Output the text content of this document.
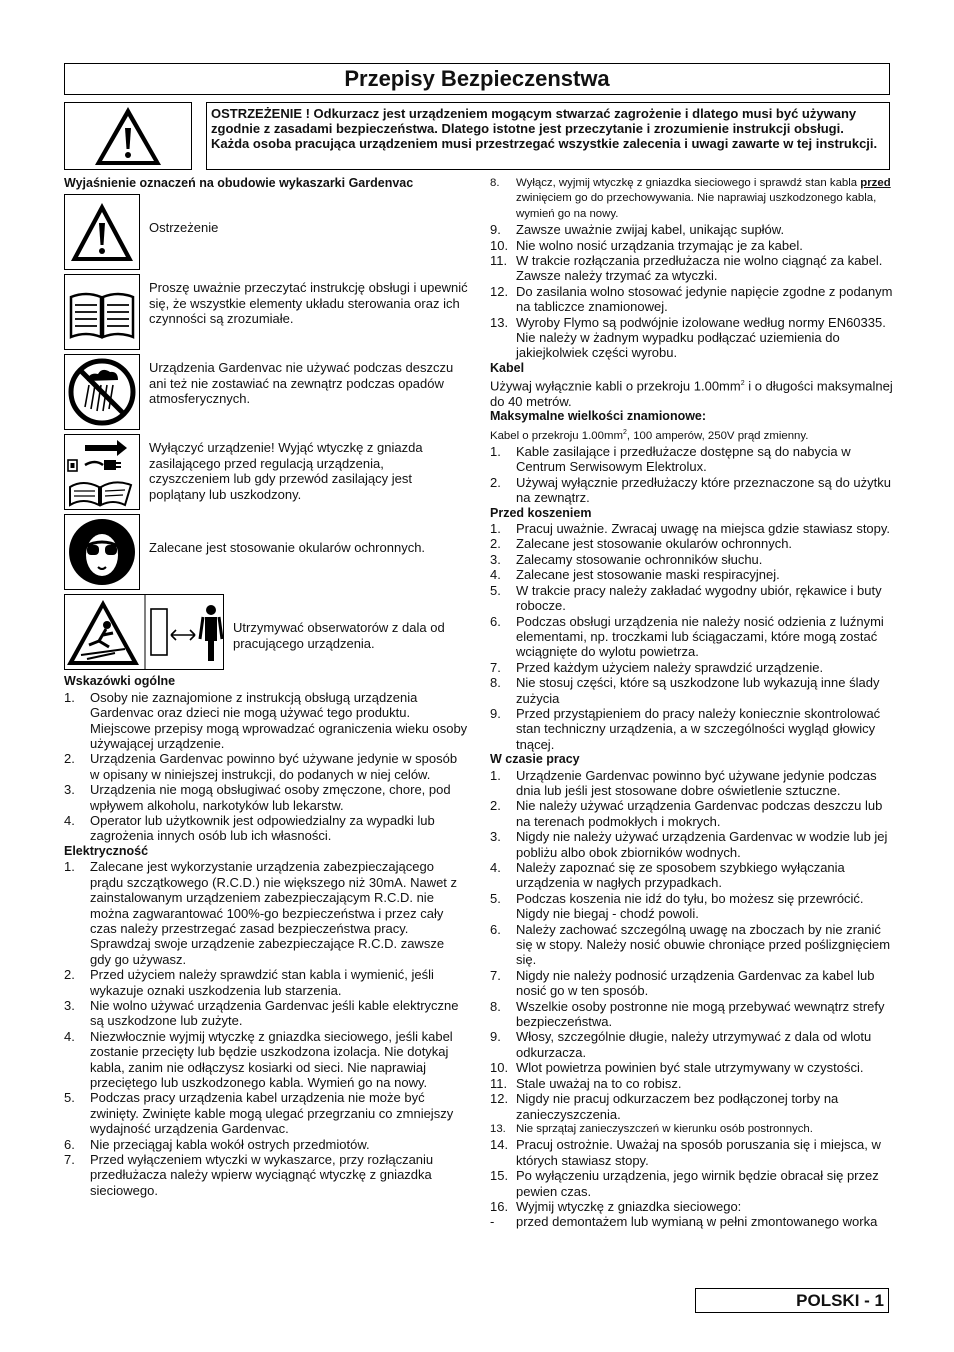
Przepisy Bezpieczenstwa
OSTRZEŻENIE ! Odkurzacz jest urządzeniem mogącym stwarzać zagrożenie i dlatego musi być używany zgodnie z zasadami bezpieczeństwa. Dlatego istotne jest przeczytanie i zrozumienie instrukcji obsługi. Każda osoba pracująca urządzeniem musi przestrzegać wszystkie zalecenia i uwagi zawarte w tej instrukcji.
Wyjaśnienie oznaczeń na obudowie wykaszarki Gardenvac
Ostrzeżenie
Proszę uważnie przeczytać instrukcję obsługi i upewnić się, że wszystkie elementy układu sterowania oraz ich czynności są zrozumiałe.
Urządzenia Gardenvac nie używać podczas deszczu ani też nie zostawiać na zewnątrz podczas opadów atmosferycznych.
Wyłączyć urządzenie! Wyjąć wtyczkę z gniazda zasilającego przed regulacją urządzenia, czyszczeniem lub gdy przewód zasilający jest poplątany lub uszkodzony.
Zalecane jest stosowanie okularów ochronnych.
Utrzymywać obserwatorów z dala od pracującego urządzenia.
Wskazówki ogólne
1. Osoby nie zaznajomione z instrukcją obsługą urządzenia Gardenvac oraz dzieci nie mogą używać tego produktu. Miejscowe przepisy mogą wprowadzać ograniczenia wieku osoby używającej urządzenie.
2. Urządzenia Gardenvac powinno być używane jedynie w sposób w opisany w niniejszej instrukcji, do podanych w niej celów.
3. Urządzenia nie mogą obsługiwać osoby zmęczone, chore, pod wpływem alkoholu, narkotyków lub lekarstw.
4. Operator lub użytkownik jest odpowiedzialny za wypadki lub zagrożenia innych osób lub ich własności.
Elektryczność
1. Zalecane jest wykorzystanie urządzenia zabezpieczającego prądu szczątkowego (R.C.D.) nie większego niż 30mA. Nawet z zainstalowanym urządzeniem zabezpieczającym R.C.D. nie można zagwarantować 100%-go bezpieczeństwa i przez cały czas należy przestrzegać zasad bezpieczeństwa pracy. Sprawdzaj swoje urządzenie zabezpieczające R.C.D. zawsze gdy go używasz.
2. Przed użyciem należy sprawdzić stan kabla i wymienić, jeśli wykazuje oznaki uszkodzenia lub starzenia.
3. Nie wolno używać urządzenia Gardenvac jeśli kable elektryczne są uszkodzone lub zużyte.
4. Niezwłocznie wyjmij wtyczkę z gniazdka sieciowego, jeśli kabel zostanie przecięty lub będzie uszkodzona izolacja. Nie dotykaj kabla, zanim nie odłączysz kosiarki od sieci. Nie naprawiaj przeciętego lub uszkodzonego kabla. Wymień go na nowy.
5. Podczas pracy urządzenia kabel urządzenia nie może być zwinięty. Zwinięte kable mogą ulegać przegrzaniu co zmniejszy wydajność urządzenia Gardenvac.
6. Nie przeciągaj kabla wokół ostrych przedmiotów.
7. Przed wyłączeniem wtyczki w wykaszarce, przy rozłączaniu przedłużacza należy wpierw wyciągnąć wtyczkę z gniazdka sieciowego.
8. Wyłącz, wyjmij wtyczkę z gniazdka sieciowego i sprawdź stan kabla przed zwinięciem go do przechowywania. Nie naprawiaj uszkodzonego kabla, wymień go na nowy.
9. Zawsze uważnie zwijaj kabel, unikając supłów.
10. Nie wolno nosić urządzania trzymając je za kabel.
11. W trakcie rozłączania przedłużacza nie wolno ciągnąć za kabel. Zawsze należy trzymać za wtyczki.
12. Do zasilania wolno stosować jedynie napięcie zgodne z podanym na tabliczce znamionowej.
13. Wyroby Flymo są podwójnie izolowane według normy EN60335. Nie należy w żadnym wypadku podłączać uziemienia do jakiejkolwiek części wyrobu.
Kabel
Używaj wyłącznie kabli o przekroju $1.00mm^2$ i o długości maksymalnej do 40 metrów.
Maksymalne wielkości znamionowe:
Kabel o przekroju $1.00mm^2$, 100 amperów, 250V prąd zmienny.
1. Kable zasilające i przedłużacze dostępne są do nabycia w Centrum Serwisowym Elektrolux.
2. Używaj wyłącznie przedłużaczy które przeznaczone są do użytku na zewnątrz.
Przed koszeniem
1. Pracuj uważnie. Zwracaj uwagę na miejsca gdzie stawiasz stopy.
2. Zalecane jest stosowanie okularów ochronnych.
3. Zalecamy stosowanie ochronników słuchu.
4. Zalecane jest stosowanie maski respiracyjnej.
5. W trakcie pracy należy zakładać wygodny ubiór, rękawice i buty robocze.
6. Podczas obsługi urządzenia nie należy nosić odzienia z luźnymi elementami, np. troczkami lub ściągaczami, które mogą zostać wciągnięte do wylotu powietrza.
7. Przed każdym użyciem należy sprawdzić urządzenie.
8. Nie stosuj części, które są uszkodzone lub wykazują inne ślady zużycia
9. Przed przystąpieniem do pracy należy koniecznie skontrolować stan techniczny urządzenia, a w szczególności wygląd głowicy tnącej.
W czasie pracy
1. Urządzenie Gardenvac powinno być używane jedynie podczas dnia lub jeśli jest stosowane dobre oświetlenie sztuczne.
2. Nie należy używać urządzenia Gardenvac podczas deszczu lub na terenach podmokłych i mokrych.
3. Nigdy nie należy używać urządzenia Gardenvac w wodzie lub jej pobliżu albo obok zbiorników wodnych.
4. Należy zapoznać się ze sposobem szybkiego wyłączania urządzenia w nagłych przypadkach.
5. Podczas koszenia nie idź do tyłu, bo możesz się przewrócić. Nigdy nie biegaj - chodź powoli.
6. Należy zachować szczególną uwagę na zboczach by nie zranić się w stopy. Należy nosić obuwie chroniące przed poślizgnięciem się.
7. Nigdy nie należy podnosić urządzenia Gardenvac za kabel lub nosić go w ten sposób.
8. Wszelkie osoby postronne nie mogą przebywać wewnątrz strefy bezpieczeństwa.
9. Włosy, szczególnie długie, należy utrzymywać z dala od wlotu odkurzacza.
10. Wlot powietrza powinien być stale utrzymywany w czystości.
11. Stale uważaj na to co robisz.
12. Nigdy nie pracuj odkurzaczem bez podłączonej torby na zanieczyszczenia.
13. Nie sprzątaj zanieczyszczeń w kierunku osób postronnych.
14. Pracuj ostrożnie. Uważaj na sposób poruszania się i miejsca, w których stawiasz stopy.
15. Po wyłączeniu urządzenia, jego wirnik będzie obracał się przez pewien czas.
16. Wyjmij wtyczkę z gniazdka sieciowego:
- przed demontażem lub wymianą w pełni zmontowanego worka
POLSKI - 1
